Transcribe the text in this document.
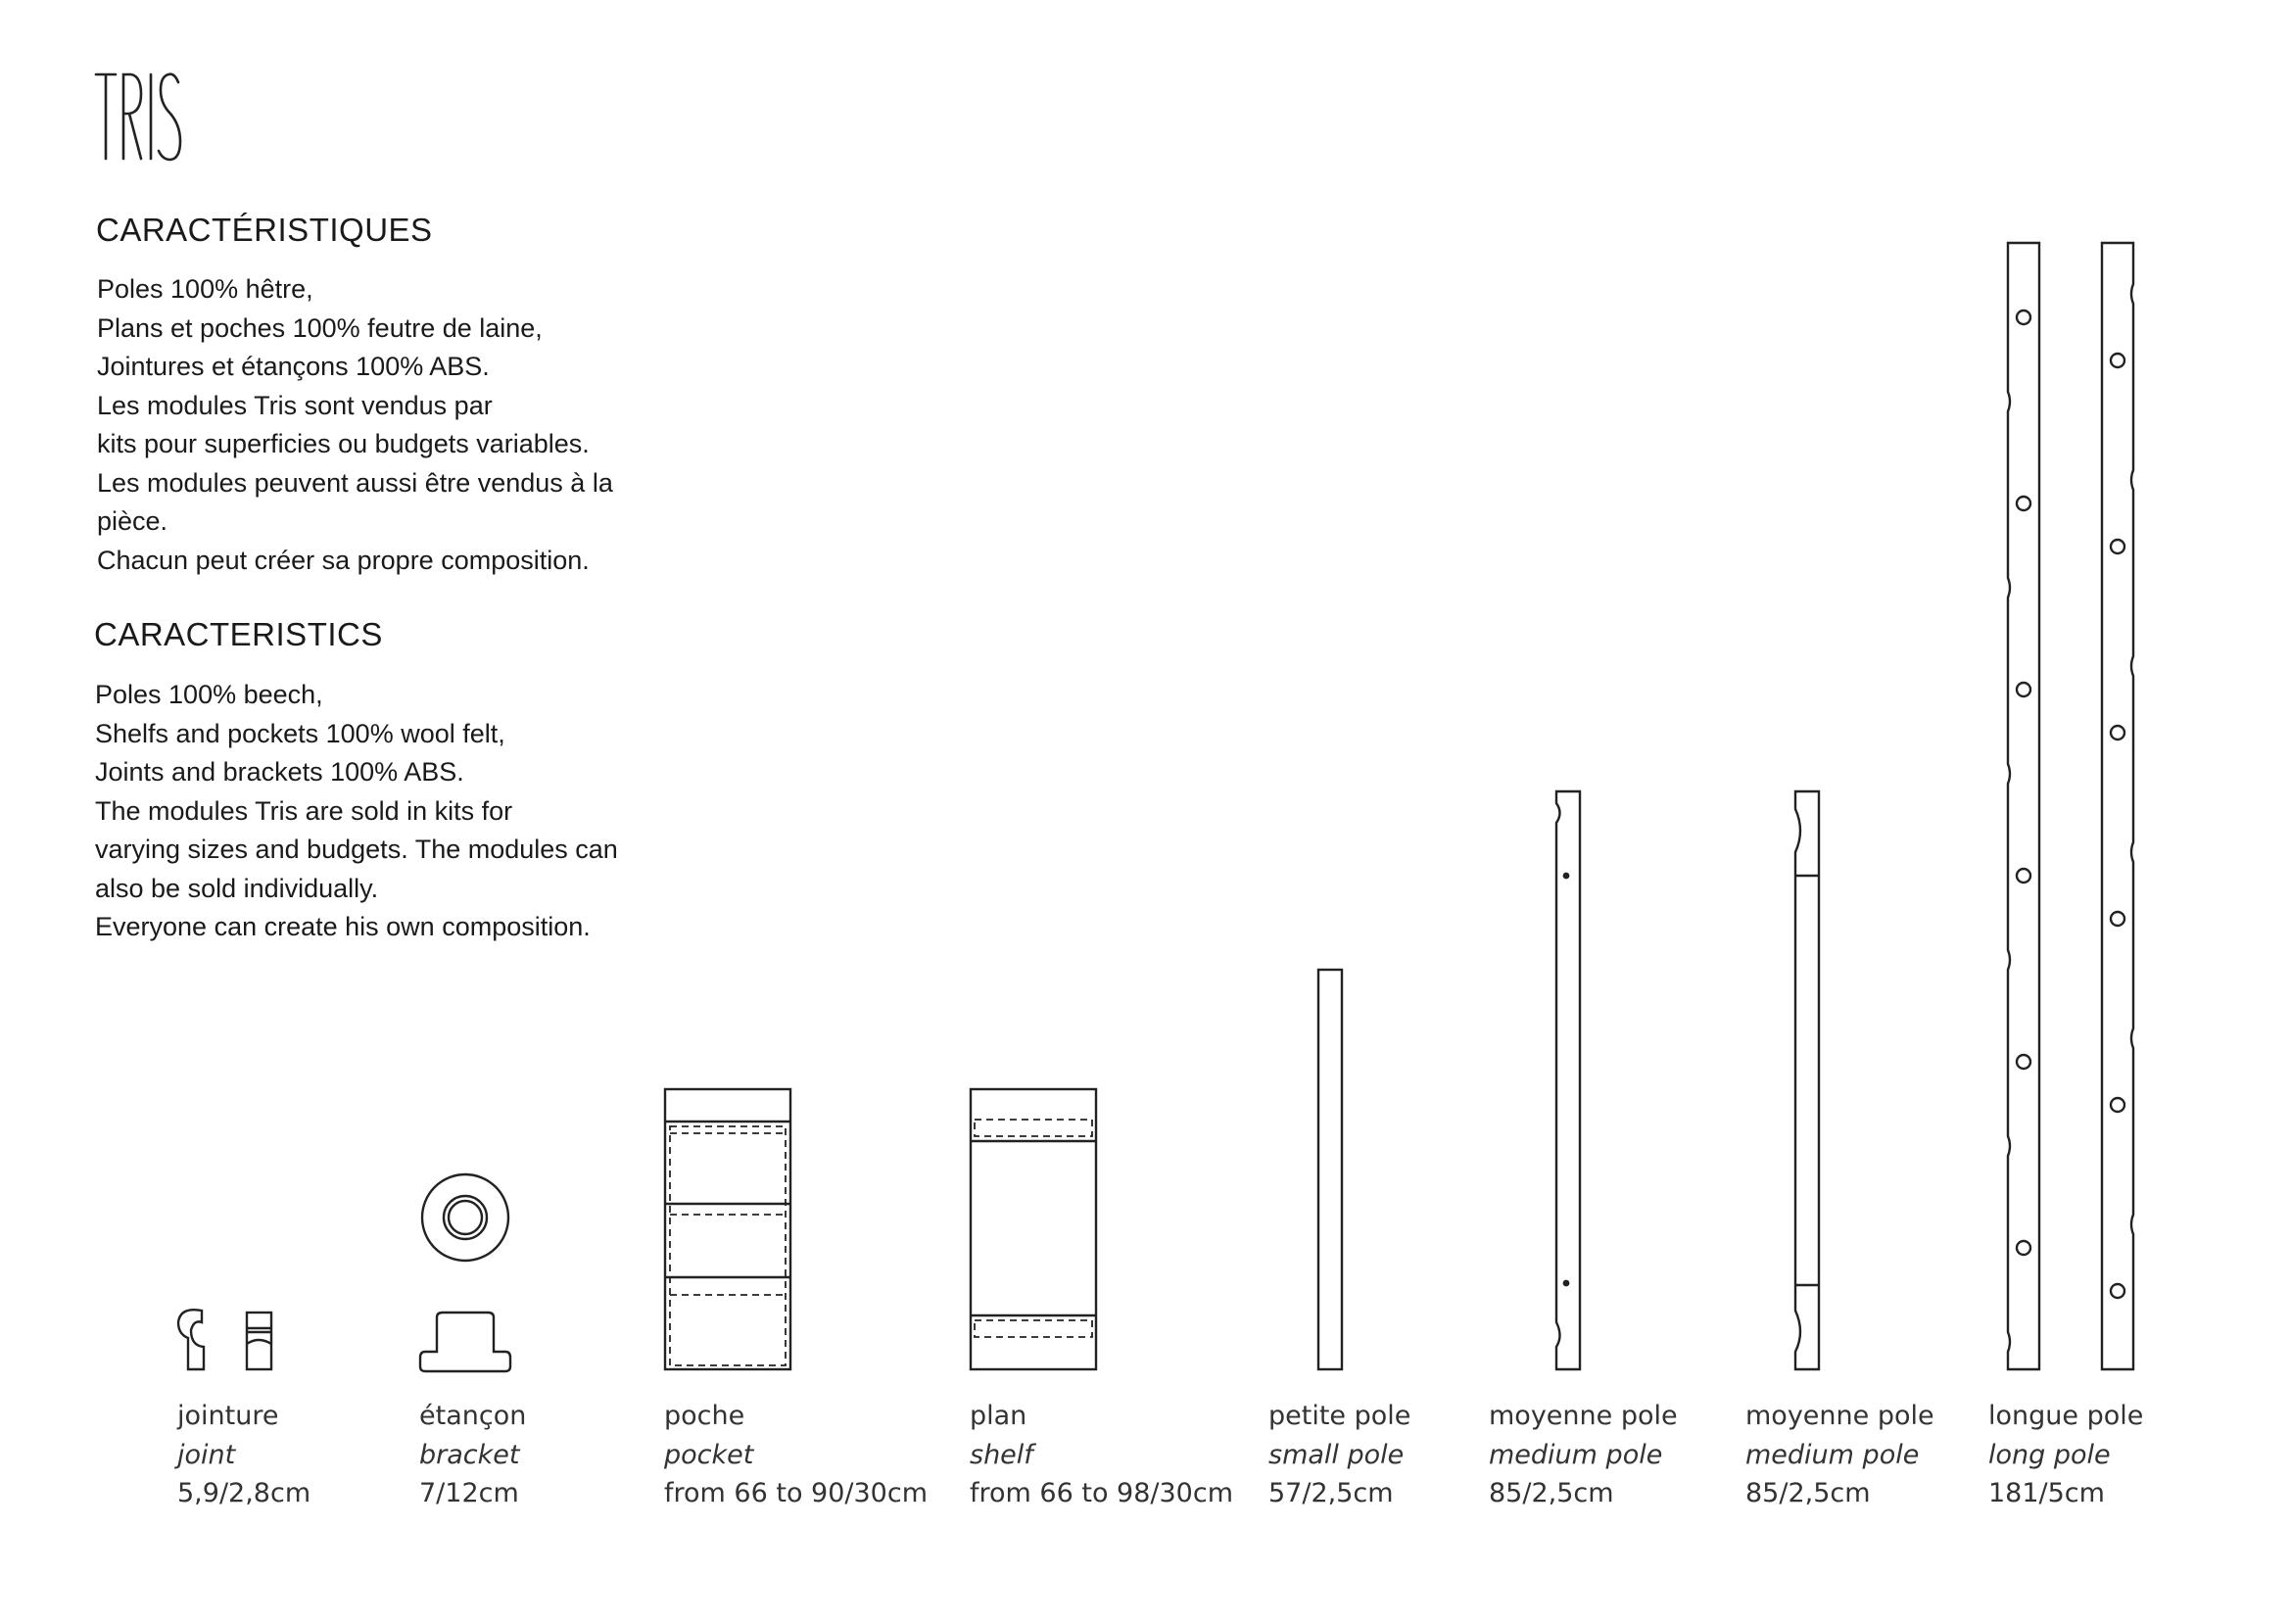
CARACTÉRISTIQUES
Poles 100% hêtre,
Plans et poches 100% feutre de laine,
Jointures et étançons 100% ABS.
Les modules Tris sont vendus par
kits pour superficies ou budgets variables.
Les modules peuvent aussi être vendus à la
pièce.
Chacun peut créer sa propre composition.
CARACTERISTICS
Poles 100% beech,
Shelfs and pockets 100% wool felt,
Joints and brackets 100% ABS.
The modules Tris are sold in kits for
varying sizes and budgets. The modules can
also be sold individually.
Everyone can create his own composition.
jointure
joint
5,9/2,8cm
étançon
bracket
7/12cm
poche
pocket
from 66 to 90/30cm
plan
shelf
from 66 to 98/30cm
petite pole
small pole
57/2,5cm
moyenne pole
medium pole
85/2,5cm
moyenne pole
medium pole
85/2,5cm
longue pole
long pole
181/5cm
